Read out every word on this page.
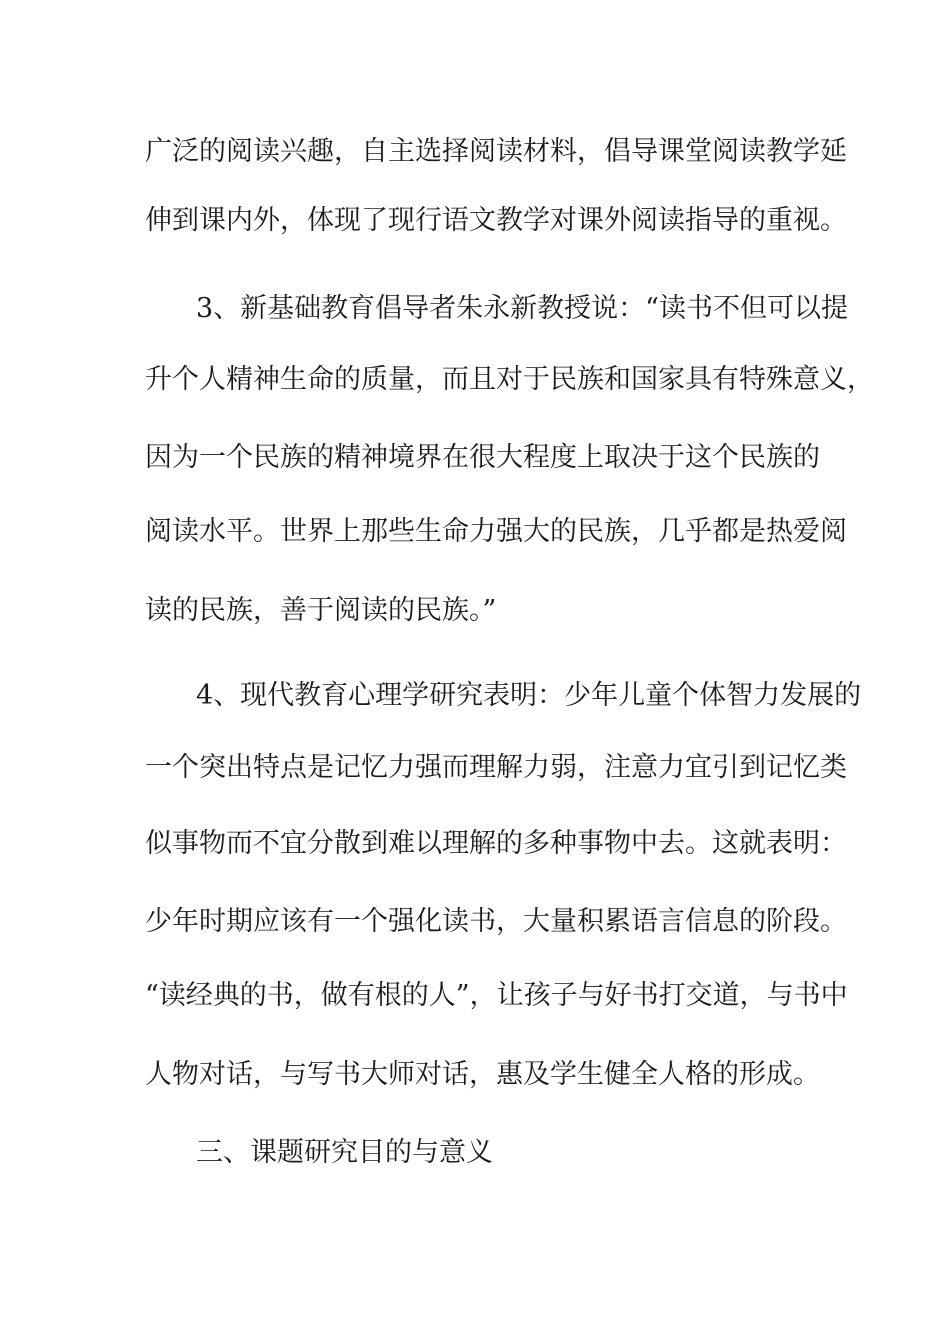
广泛的阅读兴趣，自主选择阅读材料，倡导课堂阅读教学延

伸到课内外，体现了现行语文教学对课外阅读指导的重视。

3、新基础教育倡导者朱永新教授说：“读书不但可以提

升个人精神生命的质量，而且对于民族和国家具有特殊意义，

因为一个民族的精神境界在很大程度上取决于这个民族的

阅读水平。世界上那些生命力强大的民族，几乎都是热爱阅

读的民族，善于阅读的民族。”

4、现代教育心理学研究表明：少年儿童个体智力发展的

一个突出特点是记忆力强而理解力弱，注意力宜引到记忆类

似事物而不宜分散到难以理解的多种事物中去。这就表明：

少年时期应该有一个强化读书，大量积累语言信息的阶段。

“读经典的书，做有根的人”，让孩子与好书打交道，与书中

人物对话，与写书大师对话，惠及学生健全人格的形成。

三、课题研究目的与意义
